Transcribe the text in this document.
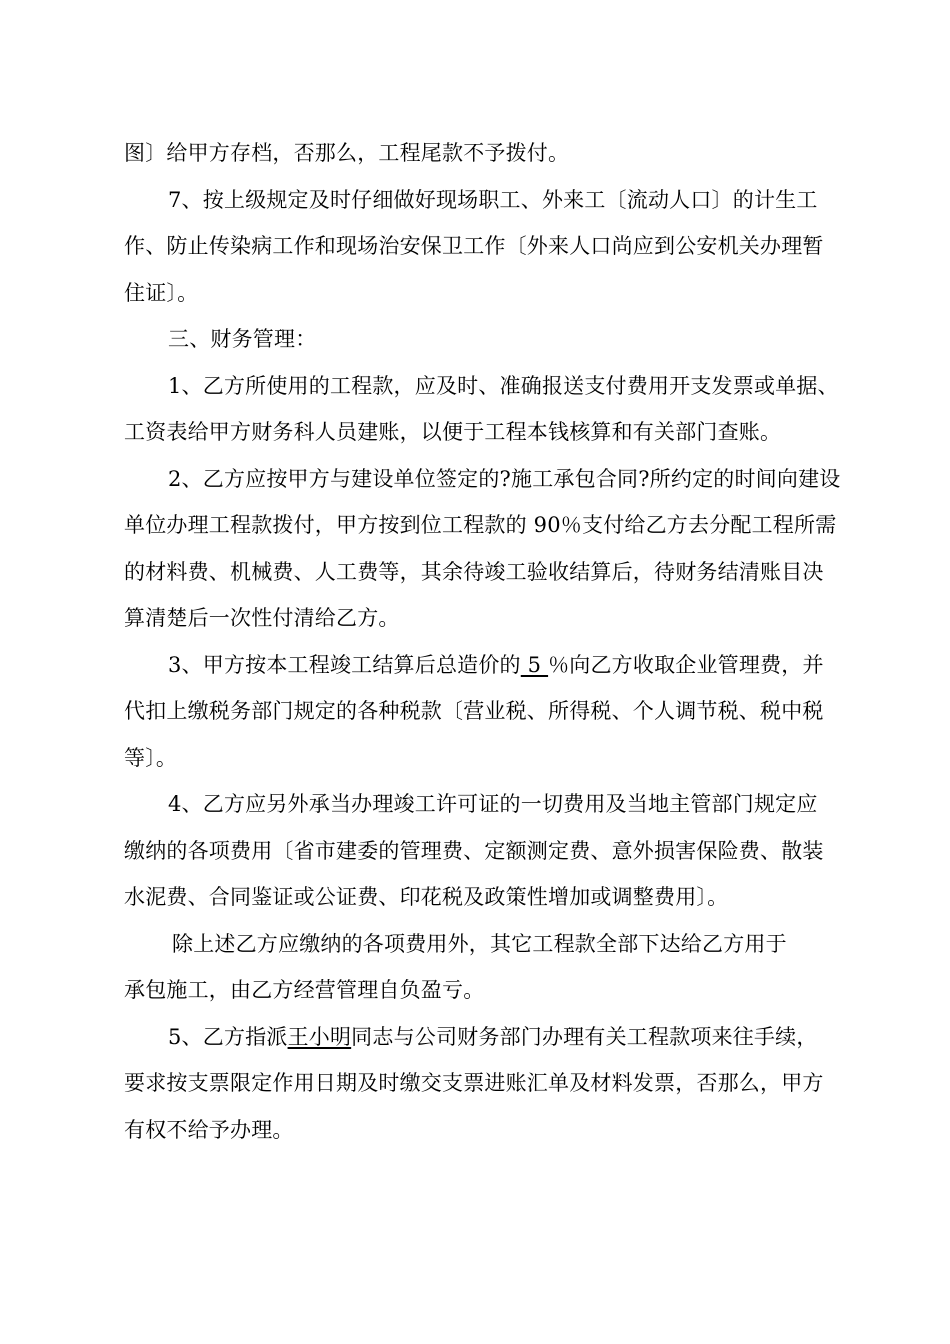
图〕给甲方存档，否那么，工程尾款不予拨付。
7、按上级规定及时仔细做好现场职工、外来工〔流动人口〕的计生工
作、防止传染病工作和现场治安保卫工作〔外来人口尚应到公安机关办理暂
住证〕。
三、财务管理：
1、乙方所使用的工程款，应及时、准确报送支付费用开支发票或单据、
工资表给甲方财务科人员建账，以便于工程本钱核算和有关部门查账。
2、乙方应按甲方与建设单位签定的?施工承包合同?所约定的时间向建设
单位办理工程款拨付，甲方按到位工程款的 90％支付给乙方去分配工程所需
的材料费、机械费、人工费等，其余待竣工验收结算后，待财务结清账目决
算清楚后一次性付清给乙方。
3、甲方按本工程竣工结算后总造价的 5 ％向乙方收取企业管理费，并
代扣上缴税务部门规定的各种税款〔营业税、所得税、个人调节税、税中税
等〕。
4、乙方应另外承当办理竣工许可证的一切费用及当地主管部门规定应
缴纳的各项费用〔省市建委的管理费、定额测定费、意外损害保险费、散装
水泥费、合同鉴证或公证费、印花税及政策性增加或调整费用〕。
除上述乙方应缴纳的各项费用外，其它工程款全部下达给乙方用于
承包施工，由乙方经营管理自负盈亏。
5、乙方指派王小明同志与公司财务部门办理有关工程款项来往手续，
要求按支票限定作用日期及时缴交支票进账汇单及材料发票，否那么，甲方
有权不给予办理。
